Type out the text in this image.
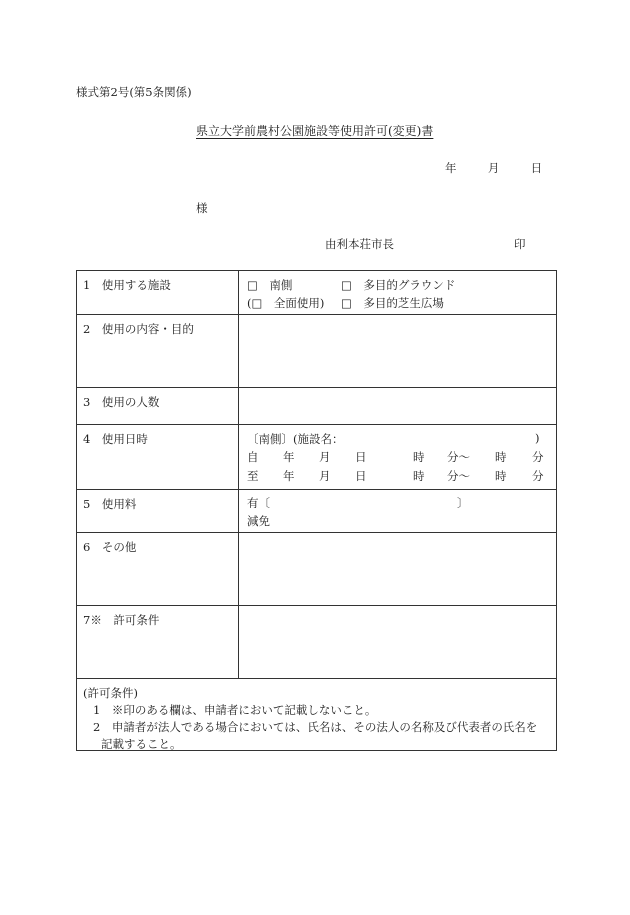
様式第2号(第5条関係)
県立大学前農村公園施設等使用許可(変更)書
年	月	日
様
由利本荘市長	印
1　使用する施設	□　南側	□　多目的グラウンド
(□　全面使用) □　多目的芝生広場
2　使用の内容・目的
3　使用の人数
4　使用日時	〔南側〕(施設名：	)
自 年 月 日	時 分〜 時 分
至 年 月 日	時 分〜 時 分
5　使用料	有〔	〕
減免
6　その他
7※　許可条件
(許可条件)
1　※印のある欄は、申請者において記載しないこと。
2　申請者が法人である場合においては、氏名は、その法人の名称及び代表者の氏名を
記載すること。
